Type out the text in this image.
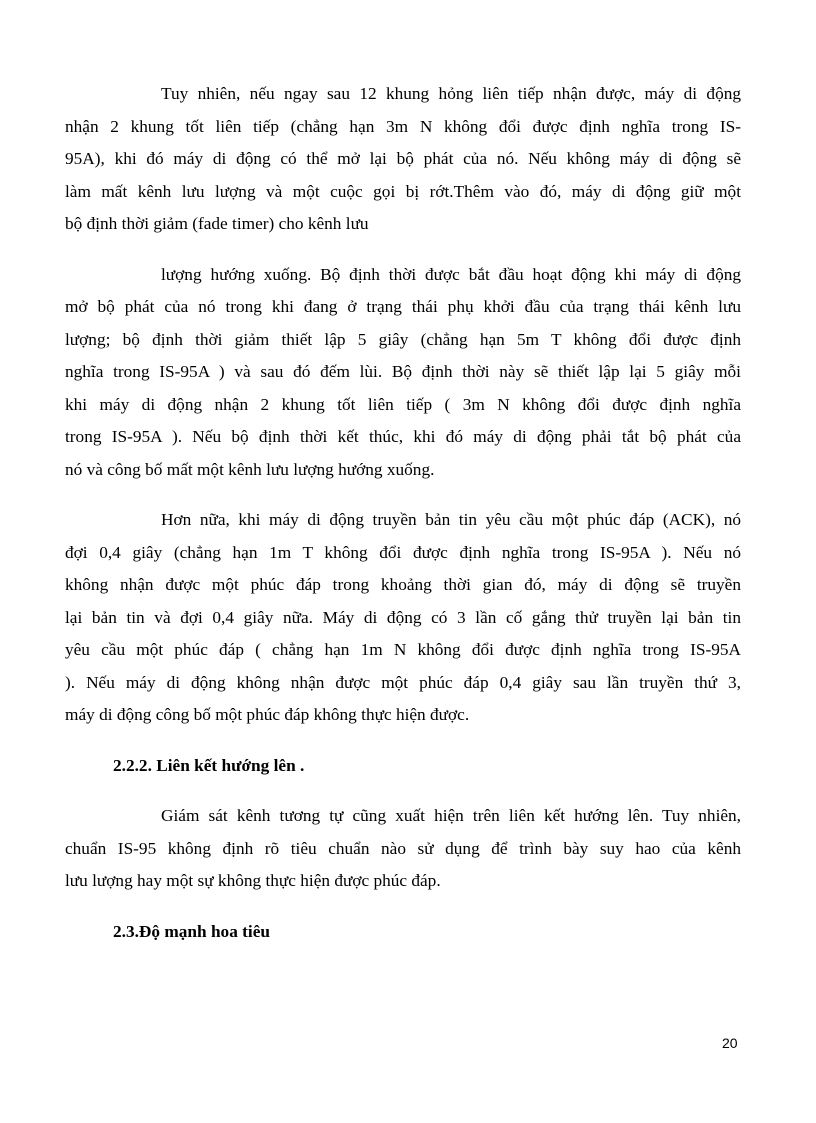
Tuy nhiên, nếu ngay sau 12 khung hỏng liên tiếp nhận được, máy di động
nhận 2 khung tốt liên tiếp (chẳng hạn 3m N không đổi được định nghĩa trong IS-
95A), khi đó máy di động có thể mở lại bộ phát của nó. Nếu không máy di động sẽ
làm mất kênh lưu lượng và một cuộc gọi bị rớt.Thêm vào đó, máy di động giữ một
bộ định thời giảm (fade timer) cho kênh lưu

lượng hướng xuống. Bộ định thời được bắt đầu hoạt động khi máy di động
mở bộ phát của nó trong khi đang ở trạng thái phụ khởi đầu của trạng thái kênh lưu
lượng; bộ định thời giảm thiết lập 5 giây (chẳng hạn 5m T không đổi được định
nghĩa trong IS-95A ) và sau đó đếm lùi. Bộ định thời này sẽ thiết lập lại 5 giây mỗi
khi máy di động nhận 2 khung tốt liên tiếp ( 3m N không đổi được định nghĩa
trong IS-95A ). Nếu bộ định thời kết thúc, khi đó máy di động phải tắt bộ phát của
nó và công bố mất một kênh lưu lượng hướng xuống.

Hơn nữa, khi máy di động truyền bản tin yêu cầu một phúc đáp (ACK), nó
đợi 0,4 giây (chẳng hạn 1m T không đổi được định nghĩa trong IS-95A ). Nếu nó
không nhận được một phúc đáp trong khoảng thời gian đó, máy di động sẽ truyền
lại bản tin và đợi 0,4 giây nữa. Máy di động có 3 lần cố gắng thử truyền lại bản tin
yêu cầu một phúc đáp ( chẳng hạn 1m N không đổi được định nghĩa trong IS-95A
). Nếu máy di động không nhận được một phúc đáp 0,4 giây sau lần truyền thứ 3,
máy di động công bố một phúc đáp không thực hiện được.

2.2.2. Liên kết hướng lên .

Giám sát kênh tương tự cũng xuất hiện trên liên kết hướng lên. Tuy nhiên,
chuẩn IS-95 không định rõ tiêu chuẩn nào sử dụng để trình bày suy hao của kênh
lưu lượng hay một sự không thực hiện được phúc đáp.

2.3.Độ mạnh hoa tiêu
20
